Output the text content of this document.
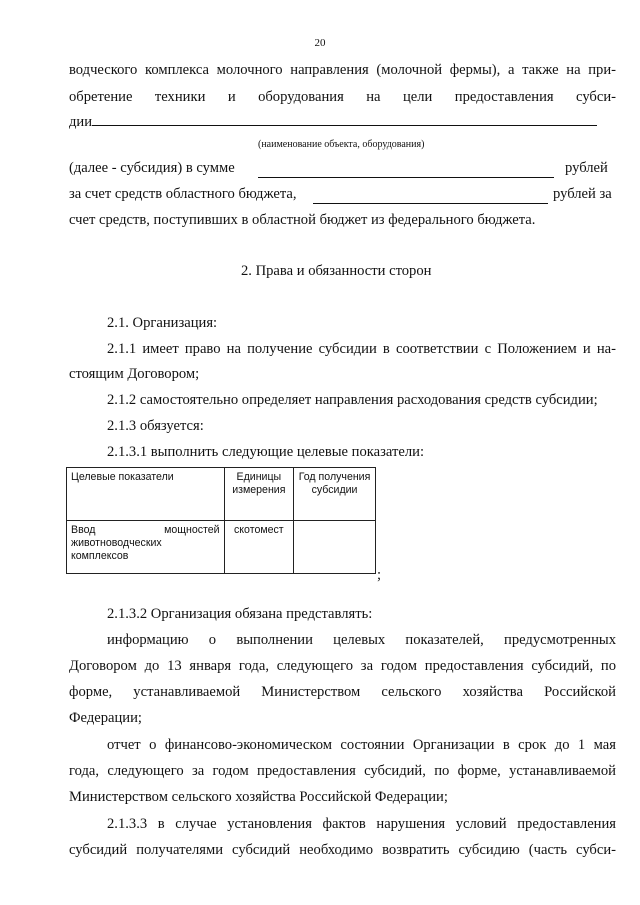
20
водческого комплекса молочного направления (молочной фермы), а также на при-
обретение техники и оборудования на цели предоставления субси-
дии
(наименование объекта, оборудования)
(далее - субсидия) в сумме	рублей
за счет средств областного бюджета,	рублей за
счет средств, поступивших в областной бюджет из федерального бюджета.
2. Права и обязанности сторон
2.1. Организация:
2.1.1 имеет право на получение субсидии в соответствии с Положением и на-
стоящим Договором;
2.1.2 самостоятельно определяет направления расходования средств субсидии;
2.1.3 обязуется:
2.1.3.1 выполнить следующие целевые показатели:
Целевые показатели	Единицы измерения	Год получения субсидии
Ввод мощностей животноводческих комплексов	скотомест	
;
2.1.3.2 Организация обязана представлять:
информацию о выполнении целевых показателей, предусмотренных
Договором до 13 января года, следующего за годом предоставления субсидий, по
форме, устанавливаемой Министерством сельского хозяйства Российской
Федерации;
отчет о финансово-экономическом состоянии Организации в срок до 1 мая
года, следующего за годом предоставления субсидий, по форме, устанавливаемой
Министерством сельского хозяйства Российской Федерации;
2.1.3.3 в случае установления фактов нарушения условий предоставления
субсидий получателями субсидий необходимо возвратить субсидию (часть субси-
